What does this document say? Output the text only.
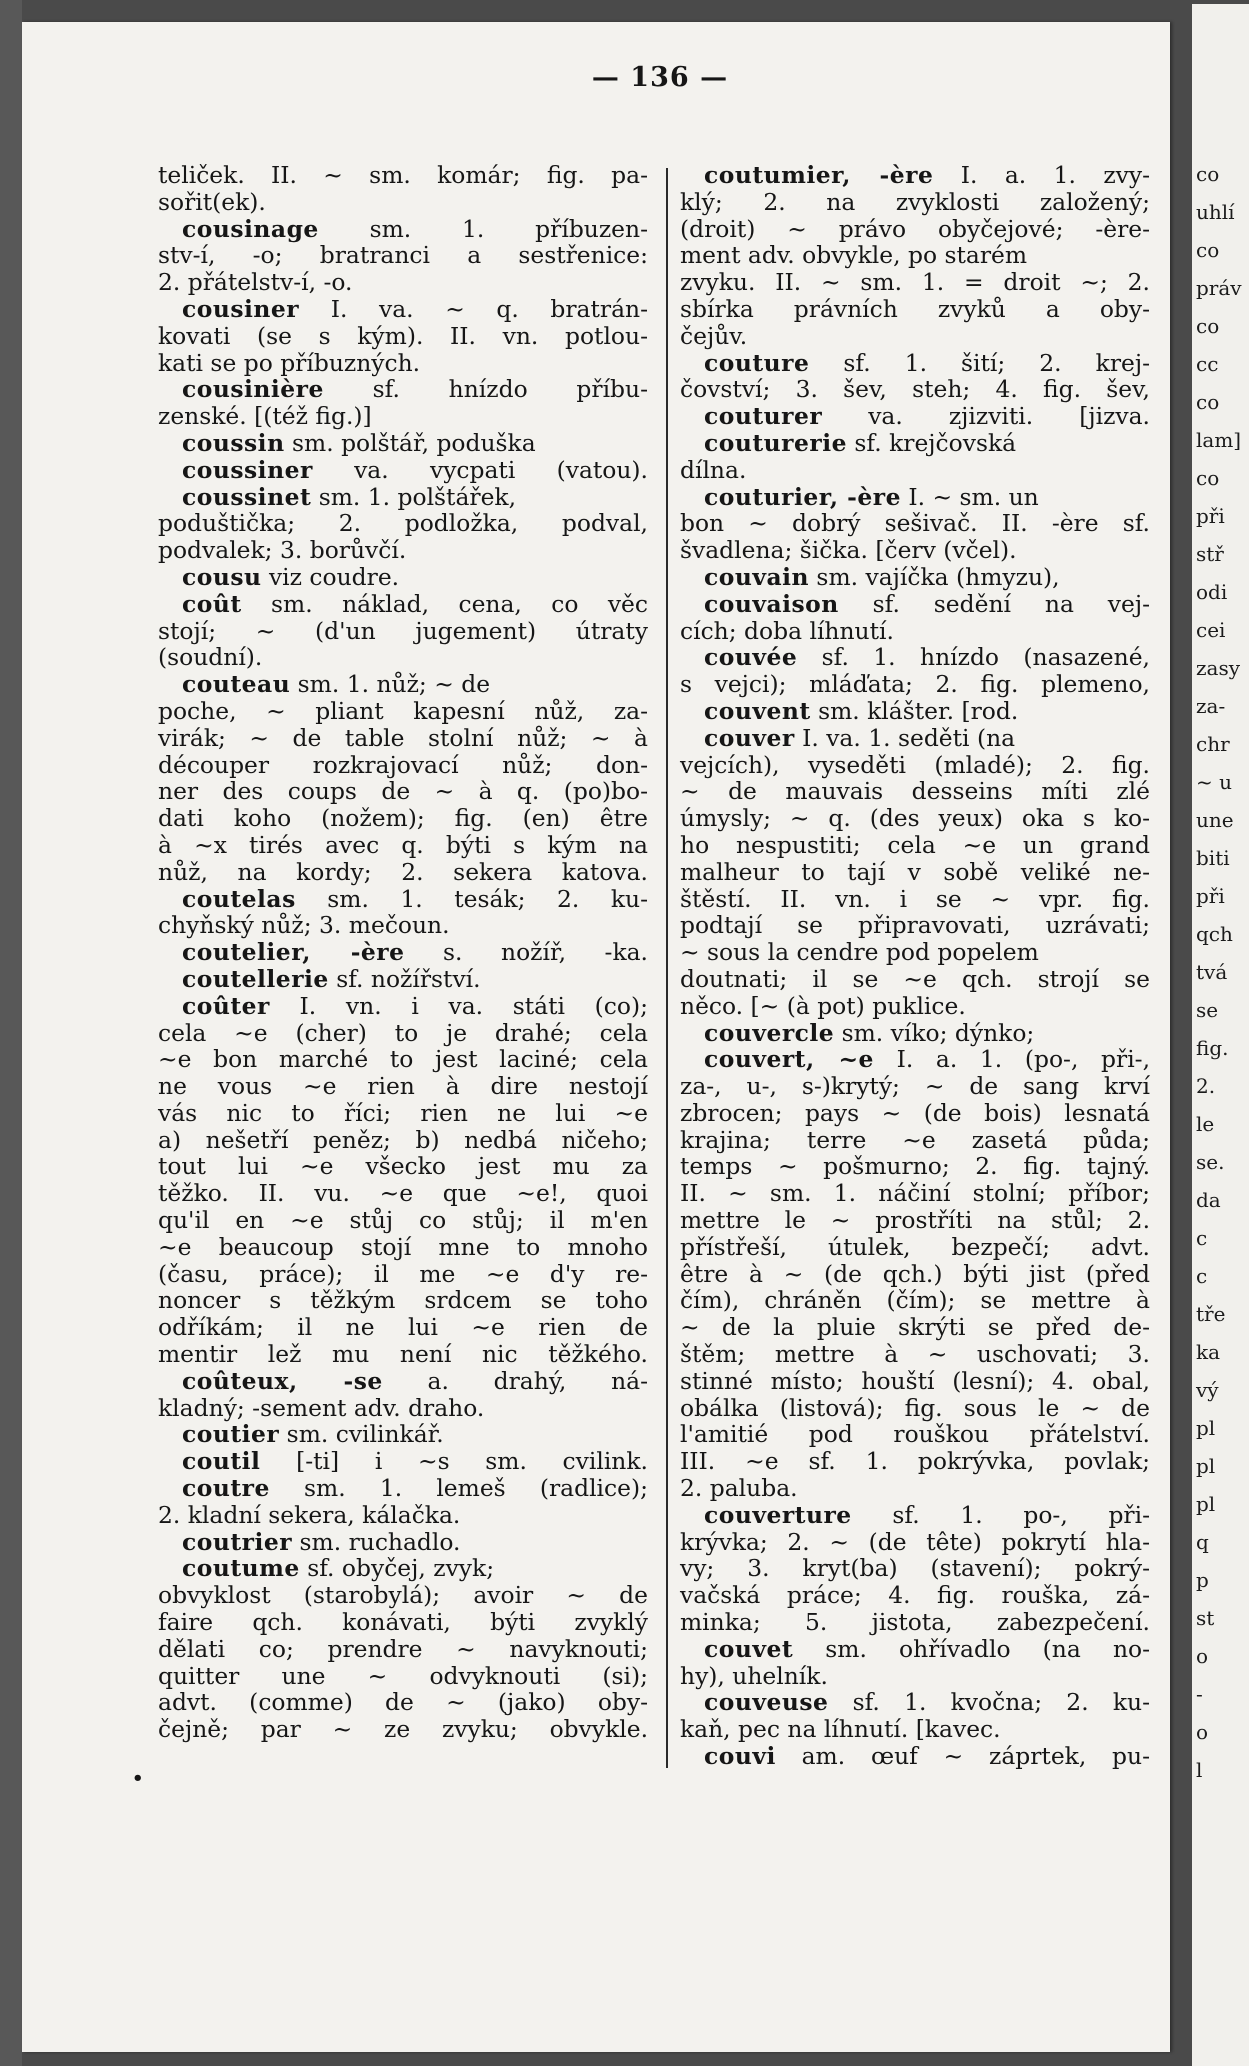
co
uhlí
co
práv
co
cc
co
lam]
co
při
stř
odi
cei
zasy
za-
chr
~ u
une
biti
při
qch
tvá
se
fig.
2.
le
se.
da
c
c
tře
ka
vý
pl
pl
pl
q
p
st
o
-
o
l
— 136 —
•
teliček. II. ~ sm. komár; fig. pa-
sořit(ek).
cousinage sm. 1. příbuzen-
stv-í, -o; bratranci a sestřenice:
2. přátelstv-í, -o.
cousiner I. va. ~ q. bratrán-
kovati (se s kým). II. vn. potlou-
kati se po příbuzných.
cousinière sf. hnízdo příbu-
zenské. [(též fig.)]
coussin sm. polštář, poduška
coussiner va. vycpati (vatou).
coussinet sm. 1. polštářek,
poduštička; 2. podložka, podval,
podvalek; 3. borůvčí.
cousu viz coudre.
coût sm. náklad, cena, co věc
stojí; ~ (d'un jugement) útraty
(soudní).
couteau sm. 1. nůž; ~ de
poche, ~ pliant kapesní nůž, za-
virák; ~ de table stolní nůž; ~ à
découper rozkrajovací nůž; don-
ner des coups de ~ à q. (po)bo-
dati koho (nožem); fig. (en) être
à ~x tirés avec q. býti s kým na
nůž, na kordy; 2. sekera katova.
coutelas sm. 1. tesák; 2. ku-
chyňský nůž; 3. mečoun.
coutelier, -ère s. nožíř, -ka.
coutellerie sf. nožířství.
coûter I. vn. i va. státi (co);
cela ~e (cher) to je drahé; cela
~e bon marché to jest laciné; cela
ne vous ~e rien à dire nestojí
vás nic to říci; rien ne lui ~e
a) nešetří peněz; b) nedbá ničeho;
tout lui ~e všecko jest mu za
těžko. II. vu. ~e que ~e!, quoi
qu'il en ~e stůj co stůj; il m'en
~e beaucoup stojí mne to mnoho
(času, práce); il me ~e d'y re-
noncer s těžkým srdcem se toho
odříkám; il ne lui ~e rien de
mentir lež mu není nic těžkého.
coûteux, -se a. drahý, ná-
kladný; -sement adv. draho.
coutier sm. cvilinkář.
coutil [-ti] i ~s sm. cvilink.
coutre sm. 1. lemeš (radlice);
2. kladní sekera, kálačka.
coutrier sm. ruchadlo.
coutume sf. obyčej, zvyk;
obvyklost (starobylá); avoir ~ de
faire qch. konávati, býti zvyklý
dělati co; prendre ~ navyknouti;
quitter une ~ odvyknouti (si);
advt. (comme) de ~ (jako) oby-
čejně; par ~ ze zvyku; obvykle.
coutumier, -ère I. a. 1. zvy-
klý; 2. na zvyklosti založený;
(droit) ~ právo obyčejové; -ère-
ment adv. obvykle, po starém
zvyku. II. ~ sm. 1. = droit ~; 2.
sbírka právních zvyků a oby-
čejův.
couture sf. 1. šití; 2. krej-
čovství; 3. šev, steh; 4. fig. šev,
couturer va. zjizviti. [jizva.
couturerie sf. krejčovská
dílna.
couturier, -ère I. ~ sm. un
bon ~ dobrý sešivač. II. -ère sf.
švadlena; šička. [červ (včel).
couvain sm. vajíčka (hmyzu),
couvaison sf. sedění na vej-
cích; doba líhnutí.
couvée sf. 1. hnízdo (nasazené,
s vejci); mláďata; 2. fig. plemeno,
couvent sm. klášter. [rod.
couver I. va. 1. seděti (na
vejcích), vyseděti (mladé); 2. fig.
~ de mauvais desseins míti zlé
úmysly; ~ q. (des yeux) oka s ko-
ho nespustiti; cela ~e un grand
malheur to tají v sobě veliké ne-
štěstí. II. vn. i se ~ vpr. fig.
podtají se připravovati, uzrávati;
~ sous la cendre pod popelem
doutnati; il se ~e qch. strojí se
něco. [~ (à pot) puklice.
couvercle sm. víko; dýnko;
couvert, ~e I. a. 1. (po-, při-,
za-, u-, s-)krytý; ~ de sang krví
zbrocen; pays ~ (de bois) lesnatá
krajina; terre ~e zasetá půda;
temps ~ pošmurno; 2. fig. tajný.
II. ~ sm. 1. náčiní stolní; příbor;
mettre le ~ prostříti na stůl; 2.
přístřeší, útulek, bezpečí; advt.
être à ~ (de qch.) býti jist (před
čím), chráněn (čím); se mettre à
~ de la pluie skrýti se před de-
štěm; mettre à ~ uschovati; 3.
stinné místo; houští (lesní); 4. obal,
obálka (listová); fig. sous le ~ de
l'amitié pod rouškou přátelství.
III. ~e sf. 1. pokrývka, povlak;
2. paluba.
couverture sf. 1. po-, při-
krývka; 2. ~ (de tête) pokrytí hla-
vy; 3. kryt(ba) (stavení); pokrý-
vačská práce; 4. fig. rouška, zá-
minka; 5. jistota, zabezpečení.
couvet sm. ohřívadlo (na no-
hy), uhelník.
couveuse sf. 1. kvočna; 2. ku-
kaň, pec na líhnutí. [kavec.
couvi am. œuf ~ záprtek, pu-
